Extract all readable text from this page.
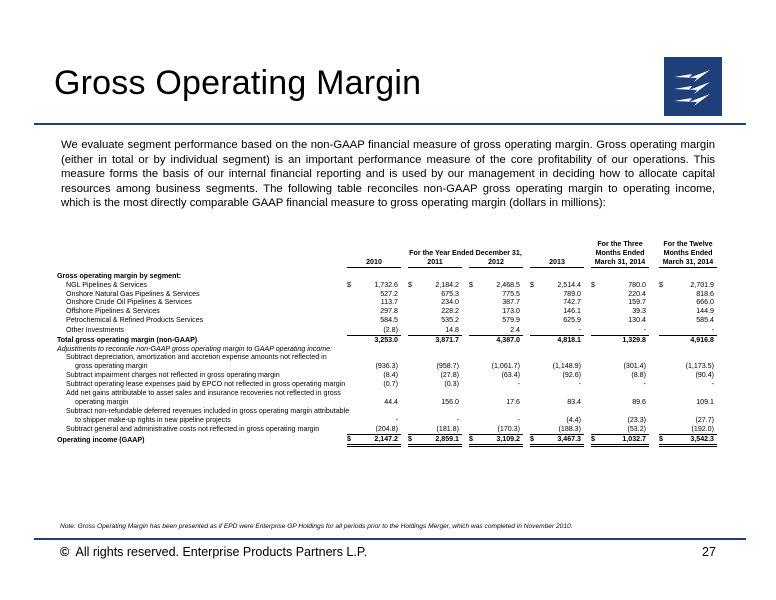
Gross Operating Margin
We evaluate segment performance based on the non-GAAP financial measure of gross operating margin. Gross operating margin (either in total or by individual segment) is an important performance measure of the core profitability of our operations. This measure forms the basis of our internal financial reporting and is used by our management in deciding how to allocate capital resources among business segments. The following table reconciles non-GAAP gross operating margin to operating income, which is the most directly comparable GAAP financial measure to gross operating margin (dollars in millions):
													For the Three			For the Twelve	
	For the Year Ended December 31,												Months Ended			Months Ended	
	2010			2011			2012			2013			March 31, 2014			March 31, 2014	

Gross operating margin by segment:																	
NGL Pipelines & Services	$	1,732.6		$	2,184.2		$	2,468.5		$	2,514.4		$	780.0		$	2,701.9
Onshore Natural Gas Pipelines & Services		527.2			675.3			775.5			789.0			220.4			818.6
Onshore Crude Oil Pipelines & Services		113.7			234.0			387.7			742.7			159.7			666.0
Offshore Pipelines & Services		297.8			228.2			173.0			146.1			39.3			144.9
Petrochemical & Refined Products Services		584.5			535.2			579.9			625.9			130.4			585.4
Other Investments		(2.8)			14.8			2.4			-			-			-
Total gross operating margin (non-GAAP)		3,253.0			3,871.7			4,387.0			4,818.1			1,329.8			4,916.8
Adjustments to reconcile non-GAAP gross operating margin to GAAP operating income:																	
Subtract depreciation, amortization and accretion expense amounts not reflected in																	
gross operating margin		(936.3)			(958.7)			(1,061.7)			(1,148.9)			(301.4)			(1,173.5)
Subtract impairment charges not reflected in gross operating margin		(8.4)			(27.8)			(63.4)			(92.6)			(8.8)			(90.4)
Subtract operating lease expenses paid by EPCO not reflected in gross operating margin		(0.7)			(0.3)			-			-			-			-
Add net gains attributable to asset sales and insurance recoveries not reflected in gross																	
operating margin		44.4			156.0			17.6			83.4			89.6			109.1
Subtract non-refundable deferred revenues included in gross operating margin attributable																	
to shipper make-up rights in new pipeline projects		-			-			-			(4.4)			(23.3)			(27.7)
Subtract general and administrative costs not reflected in gross operating margin		(204.8)			(181.8)			(170.3)			(188.3)			(53.2)			(192.0)
Operating income (GAAP)	$	2,147.2		$	2,859.1		$	3,109.2		$	3,467.3		$	1,032.7		$	3,542.3
Note: Gross Operating Margin has been presented as if EPD were Enterprise GP Holdings for all periods prior to the Holdings Merger, which was completed in November 2010.
© All rights reserved. Enterprise Products Partners L.P.	27
